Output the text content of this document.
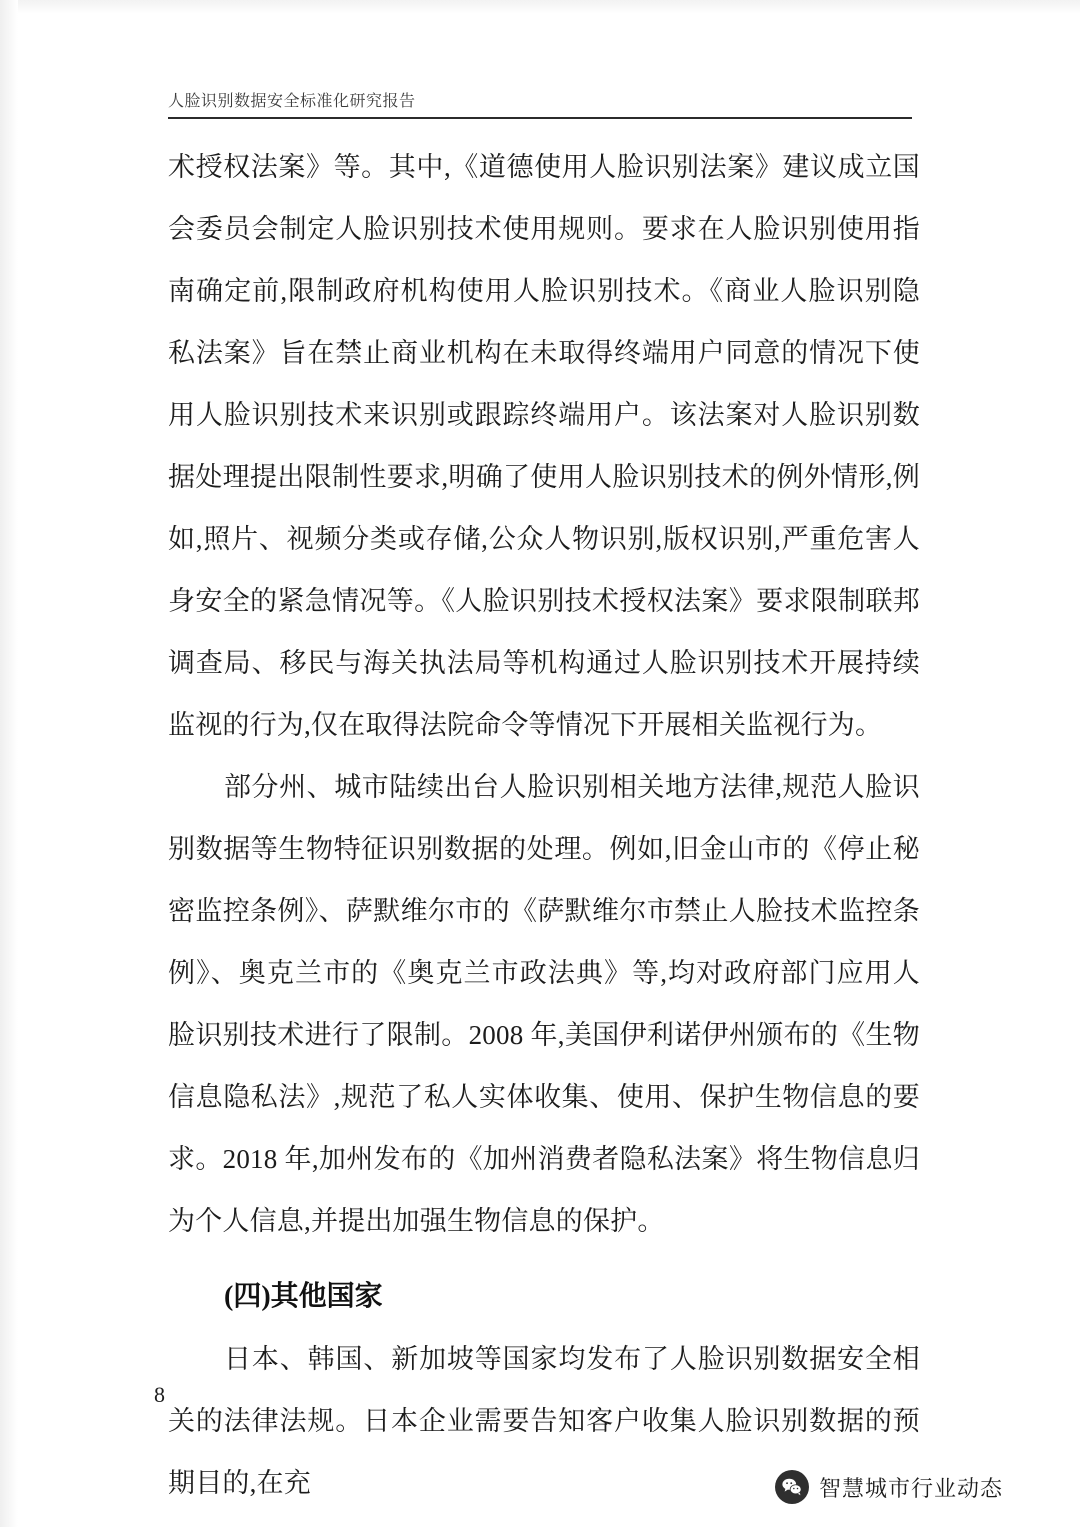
人脸识别数据安全标准化研究报告

术授权法案》等。其中,《道德使用人脸识别法案》建议成立国会委员会制定人脸识别技术使用规则。要求在人脸识别使用指南确定前,限制政府机构使用人脸识别技术。《商业人脸识别隐私法案》旨在禁止商业机构在未取得终端用户同意的情况下使用人脸识别技术来识别或跟踪终端用户。该法案对人脸识别数据处理提出限制性要求,明确了使用人脸识别技术的例外情形,例如,照片、视频分类或存储,公众人物识别,版权识别,严重危害人身安全的紧急情况等。《人脸识别技术授权法案》要求限制联邦调查局、移民与海关执法局等机构通过人脸识别技术开展持续监视的行为,仅在取得法院命令等情况下开展相关监视行为。

部分州、城市陆续出台人脸识别相关地方法律,规范人脸识别数据等生物特征识别数据的处理。例如,旧金山市的《停止秘密监控条例》、萨默维尔市的《萨默维尔市禁止人脸技术监控条例》、奥克兰市的《奥克兰市政法典》等,均对政府部门应用人脸识别技术进行了限制。2008 年,美国伊利诺伊州颁布的《生物信息隐私法》,规范了私人实体收集、使用、保护生物信息的要求。2018 年,加州发布的《加州消费者隐私法案》将生物信息归为个人信息,并提出加强生物信息的保护。

(四)其他国家

日本、韩国、新加坡等国家均发布了人脸识别数据安全相关的法律法规。日本企业需要告知客户收集人脸识别数据的预期目的,在充

8
智慧城市行业动态
